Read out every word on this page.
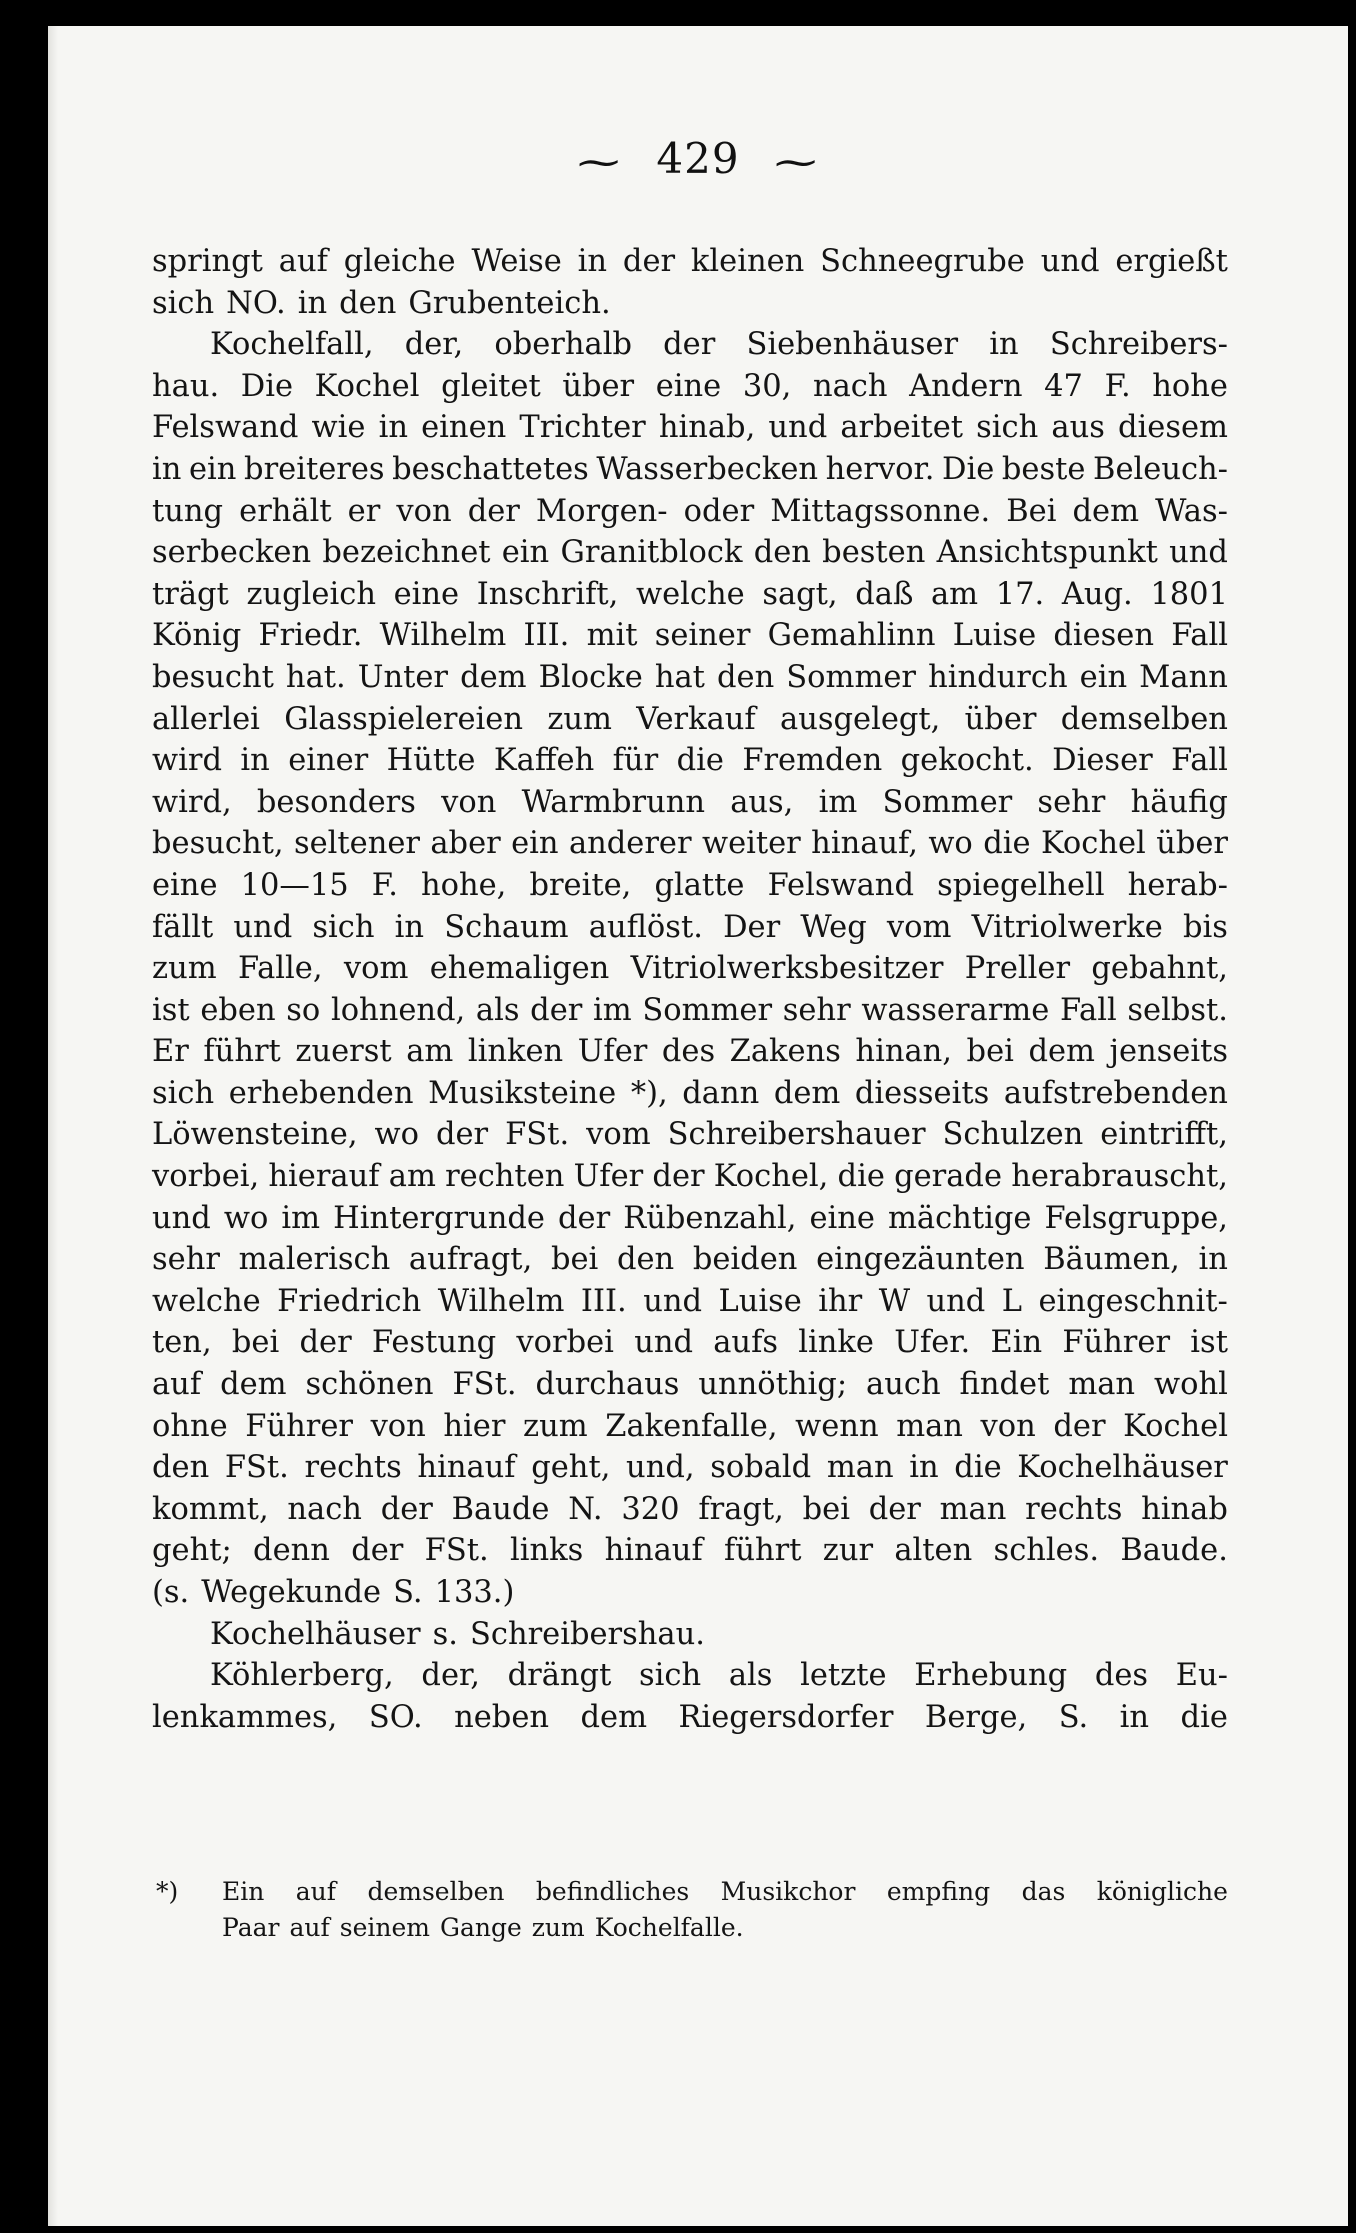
~ 429 ~
springt auf gleiche Weise in der kleinen Schneegrube und ergießt
sich NO. in den Grubenteich.
Kochelfall, der, oberhalb der Siebenhäuser in Schreibers-
hau. Die Kochel gleitet über eine 30, nach Andern 47 F. hohe
Felswand wie in einen Trichter hinab, und arbeitet sich aus diesem
in ein breiteres beschattetes Wasserbecken hervor. Die beste Beleuch-
tung erhält er von der Morgen- oder Mittagssonne. Bei dem Was-
serbecken bezeichnet ein Granitblock den besten Ansichtspunkt und
trägt zugleich eine Inschrift, welche sagt, daß am 17. Aug. 1801
König Friedr. Wilhelm III. mit seiner Gemahlinn Luise diesen Fall
besucht hat. Unter dem Blocke hat den Sommer hindurch ein Mann
allerlei Glasspielereien zum Verkauf ausgelegt, über demselben
wird in einer Hütte Kaffeh für die Fremden gekocht. Dieser Fall
wird, besonders von Warmbrunn aus, im Sommer sehr häufig
besucht, seltener aber ein anderer weiter hinauf, wo die Kochel über
eine 10—15 F. hohe, breite, glatte Felswand spiegelhell herab-
fällt und sich in Schaum auflöst. Der Weg vom Vitriolwerke bis
zum Falle, vom ehemaligen Vitriolwerksbesitzer Preller gebahnt,
ist eben so lohnend, als der im Sommer sehr wasserarme Fall selbst.
Er führt zuerst am linken Ufer des Zakens hinan, bei dem jenseits
sich erhebenden Musiksteine *), dann dem diesseits aufstrebenden
Löwensteine, wo der FSt. vom Schreibershauer Schulzen eintrifft,
vorbei, hierauf am rechten Ufer der Kochel, die gerade herabrauscht,
und wo im Hintergrunde der Rübenzahl, eine mächtige Felsgruppe,
sehr malerisch aufragt, bei den beiden eingezäunten Bäumen, in
welche Friedrich Wilhelm III. und Luise ihr W und L eingeschnit-
ten, bei der Festung vorbei und aufs linke Ufer. Ein Führer ist
auf dem schönen FSt. durchaus unnöthig; auch findet man wohl
ohne Führer von hier zum Zakenfalle, wenn man von der Kochel
den FSt. rechts hinauf geht, und, sobald man in die Kochelhäuser
kommt, nach der Baude N. 320 fragt, bei der man rechts hinab
geht; denn der FSt. links hinauf führt zur alten schles. Baude.
(s. Wegekunde S. 133.)
Kochelhäuser s. Schreibershau.
Köhlerberg, der, drängt sich als letzte Erhebung des Eu-
lenkammes, SO. neben dem Riegersdorfer Berge, S. in die
Ein auf demselben befindliches Musikchor empfing das königliche
*)
Paar auf seinem Gange zum Kochelfalle.
